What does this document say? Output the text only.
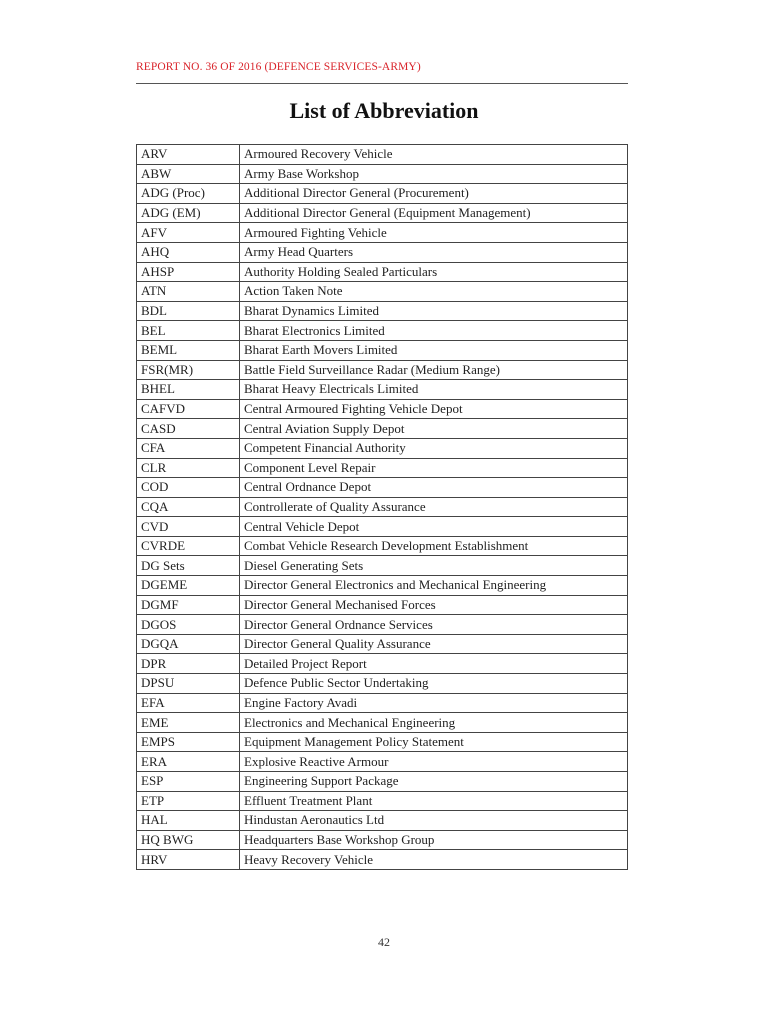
REPORT NO. 36 OF 2016 (DEFENCE SERVICES-ARMY)
List of Abbreviation
ARV	Armoured Recovery Vehicle
ABW	Army Base Workshop
ADG (Proc)	Additional Director General (Procurement)
ADG (EM)	Additional Director General (Equipment Management)
AFV	Armoured Fighting Vehicle
AHQ	Army Head Quarters
AHSP	Authority Holding Sealed Particulars
ATN	Action Taken Note
BDL	Bharat Dynamics Limited
BEL	Bharat Electronics Limited
BEML	Bharat Earth Movers Limited
FSR(MR)	Battle Field Surveillance Radar (Medium Range)
BHEL	Bharat Heavy Electricals Limited
CAFVD	Central Armoured Fighting Vehicle Depot
CASD	Central Aviation Supply Depot
CFA	Competent Financial Authority
CLR	Component Level Repair
COD	Central Ordnance Depot
CQA	Controllerate of Quality Assurance
CVD	Central Vehicle Depot
CVRDE	Combat Vehicle Research Development Establishment
DG Sets	Diesel Generating Sets
DGEME	Director General Electronics and Mechanical Engineering
DGMF	Director General Mechanised Forces
DGOS	Director General Ordnance Services
DGQA	Director General Quality Assurance
DPR	Detailed Project Report
DPSU	Defence Public Sector Undertaking
EFA	Engine Factory Avadi
EME	Electronics and Mechanical Engineering
EMPS	Equipment Management Policy Statement
ERA	Explosive Reactive Armour
ESP	Engineering Support Package
ETP	Effluent Treatment Plant
HAL	Hindustan Aeronautics Ltd
HQ BWG	Headquarters Base Workshop Group
HRV	Heavy Recovery Vehicle
42
